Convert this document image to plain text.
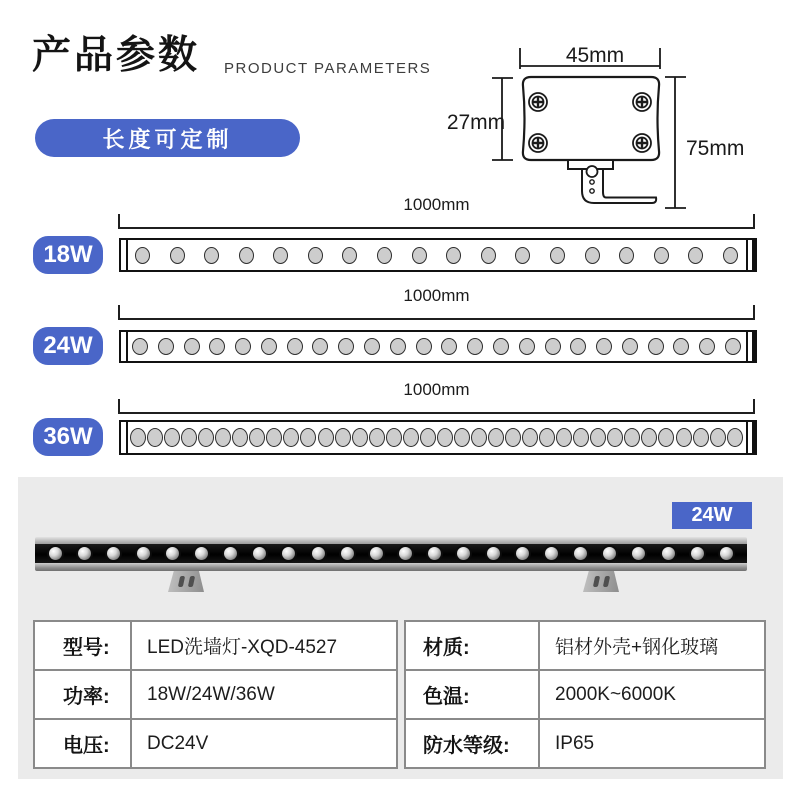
产品参数 PRODUCT PARAMETERS
长度可定制
45mm
27mm
75mm
1000mm
18W
1000mm
24W
1000mm
36W
24W
型号:	LED洗墙灯-XQD-4527
功率:	18W/24W/36W
电压:	DC24V
材质:	铝材外壳+钢化玻璃
色温:	2000K~6000K
防水等级:	IP65
